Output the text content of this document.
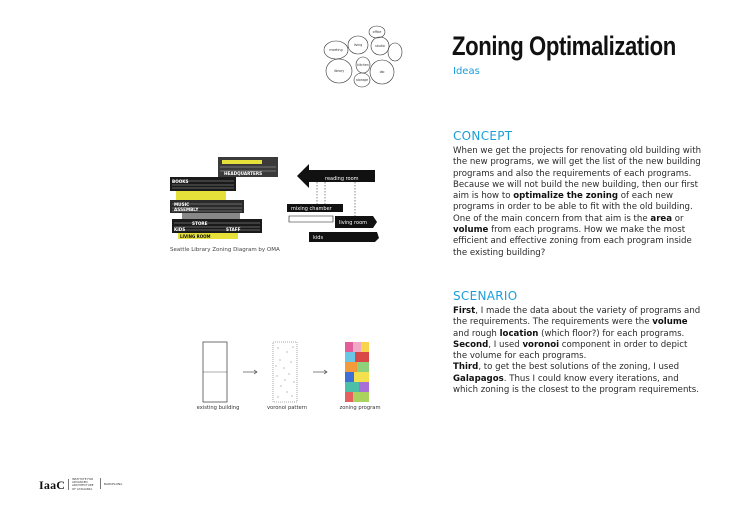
Zoning Optimalization
Ideas
office
meeting
living	studio
library
kitchen
storage
lab
CONCEPT
When we get the projects for renovating old building with the new programs, we will get the list of the new building programs and also the requirements of each programs. Because we will not build the new building, then our first aim is how to optimalize the zoning of each new programs in order to be able to fit with the old building. One of the main concern from that aim is the area or volume from each programs. How we make the most efficient and effective zoning from each program inside the existing building?
SCENARIO
First, I made the data about the variety of programs and the requirements. The requirements were the volume and rough location (which floor?) for each programs.
Second, I used voronoi component in order to depict the volume for each programs.
Third, to get the best solutions of the zoning, I used Galapagos. Thus I could know every iterations, and which zoning is the closest to the program requirements.
HEADQUARTERS
BOOKS
MUSIC
ASSEMBLY
STORE
KIDS	STAFF
LIVING ROOM
Seattle Library Zoning Diagram by OMA
reading room
mixing chamber
living room
kids
existing building	voronoi pattern	zoning program
IaaC INSTITUTE FOR
ADVANCED
ARCHITECTURE
OF CATALONIA
BARCELONA
